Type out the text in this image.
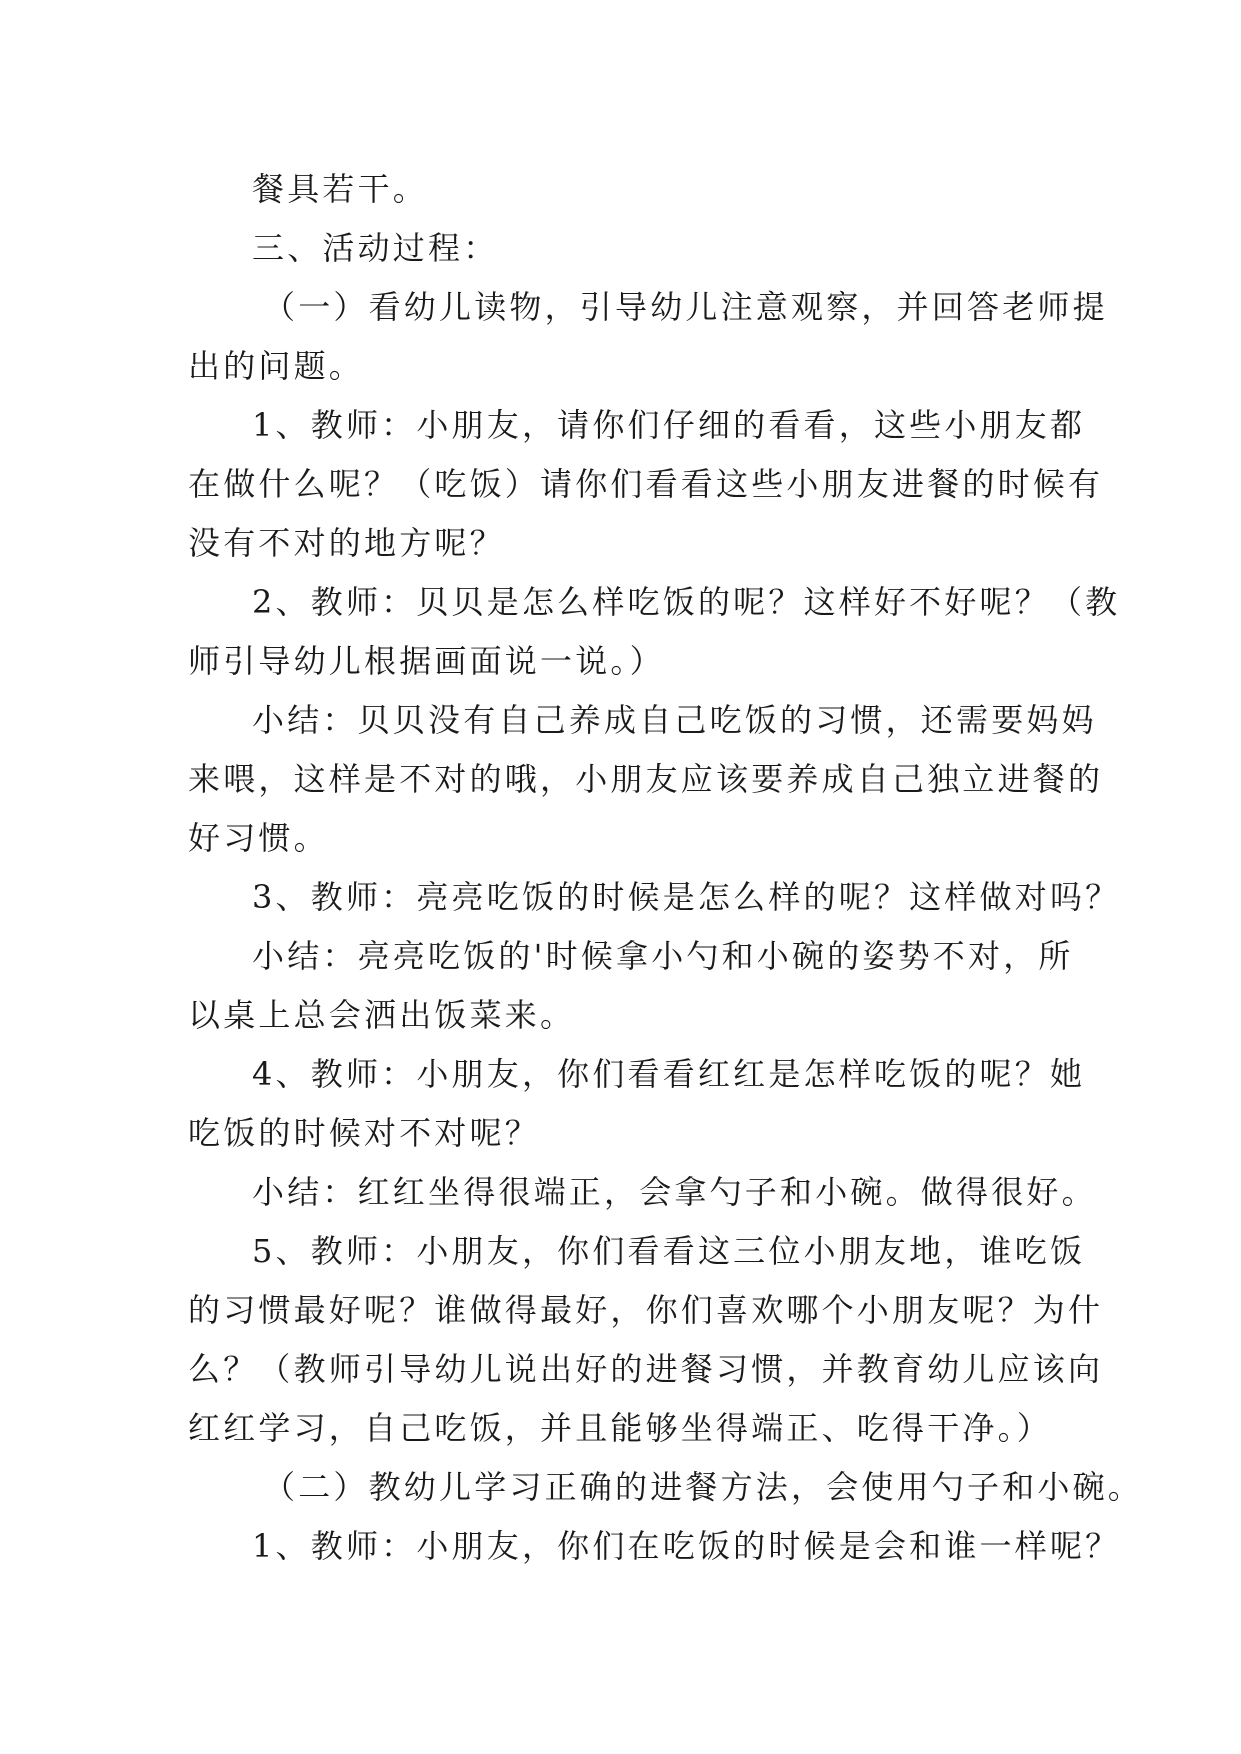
餐具若干。
三、活动过程：
（一）看幼儿读物，引导幼儿注意观察，并回答老师提
出的问题。
1、教师：小朋友，请你们仔细的看看，这些小朋友都
在做什么呢？（吃饭）请你们看看这些小朋友进餐的时候有
没有不对的地方呢？
2、教师：贝贝是怎么样吃饭的呢？这样好不好呢？（教
师引导幼儿根据画面说一说。）
小结：贝贝没有自己养成自己吃饭的习惯，还需要妈妈
来喂，这样是不对的哦，小朋友应该要养成自己独立进餐的
好习惯。
3、教师：亮亮吃饭的时候是怎么样的呢？这样做对吗？
小结：亮亮吃饭的'时候拿小勺和小碗的姿势不对，所
以桌上总会洒出饭菜来。
4、教师：小朋友，你们看看红红是怎样吃饭的呢？她
吃饭的时候对不对呢？
小结：红红坐得很端正，会拿勺子和小碗。做得很好。
5、教师：小朋友，你们看看这三位小朋友地，谁吃饭
的习惯最好呢？谁做得最好，你们喜欢哪个小朋友呢？为什
么？（教师引导幼儿说出好的进餐习惯，并教育幼儿应该向
红红学习，自己吃饭，并且能够坐得端正、吃得干净。）
（二）教幼儿学习正确的进餐方法，会使用勺子和小碗。
1、教师：小朋友，你们在吃饭的时候是会和谁一样呢？
